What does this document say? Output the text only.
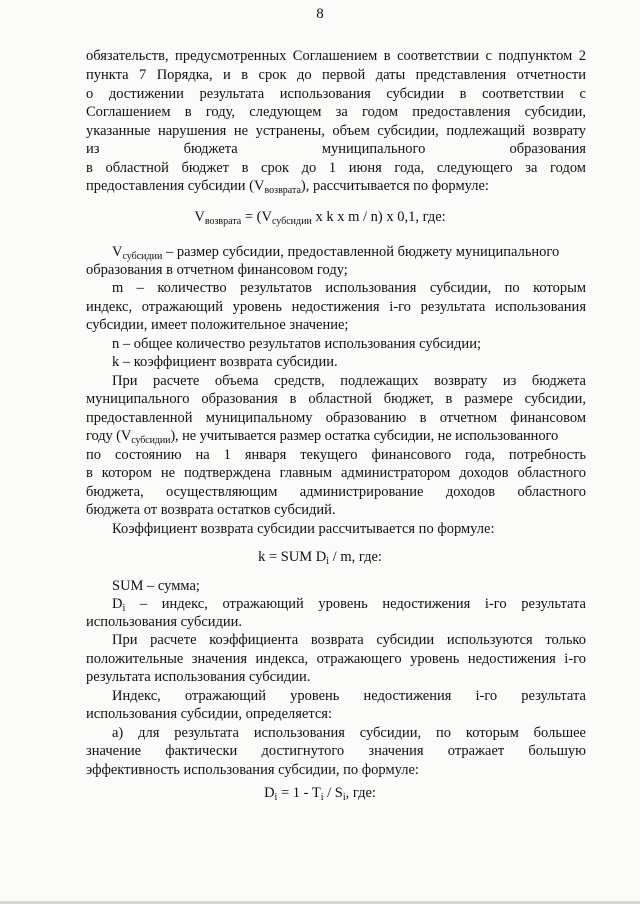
8
обязательств, предусмотренных Соглашением в соответствии с подпунктом 2
пункта 7 Порядка, и в срок до первой даты представления отчетности
о достижении результата использования субсидии в соответствии с
Соглашением в году, следующем за годом предоставления субсидии,
указанные нарушения не устранены, объем субсидии, подлежащий возврату
из	бюджета	муниципального	образования
в областной бюджет в срок до 1 июня года, следующего за годом
предоставления субсидии $(V_{возврата})$, рассчитывается по формуле:
$V_{возврата} = (V_{субсидии}$ x k x m / n) x 0,1, где:
$V_{субсидии}$ – размер субсидии, предоставленной бюджету муниципального
образования в отчетном финансовом году;
m – количество результатов использования субсидии, по которым
индекс, отражающий уровень недостижения i-го результата использования
субсидии, имеет положительное значение;
n – общее количество результатов использования субсидии;
k – коэффициент возврата субсидии.
При расчете объема средств, подлежащих возврату из бюджета
муниципального образования в областной бюджет, в размере субсидии,
предоставленной муниципальному образованию в отчетном финансовом
году $(V_{субсидии})$, не учитывается размер остатка субсидии, не использованного
по состоянию на 1 января текущего финансового года, потребность
в котором не подтверждена главным администратором доходов областного
бюджета, осуществляющим администрирование доходов областного
бюджета от возврата остатков субсидий.
Коэффициент возврата субсидии рассчитывается по формуле:
k = SUM $D_i$ / m, где:
SUM – сумма;
$D_i$ – индекс, отражающий уровень недостижения i-го результата
использования субсидии.
При расчете коэффициента возврата субсидии используются только
положительные значения индекса, отражающего уровень недостижения i-го
результата использования субсидии.
Индекс, отражающий уровень недостижения i-го результата
использования субсидии, определяется:
а) для результата использования субсидии, по которым большее
значение фактически достигнутого значения отражает большую
эффективность использования субсидии, по формуле:
$D_i = 1 - T_i / S_i$, где:
